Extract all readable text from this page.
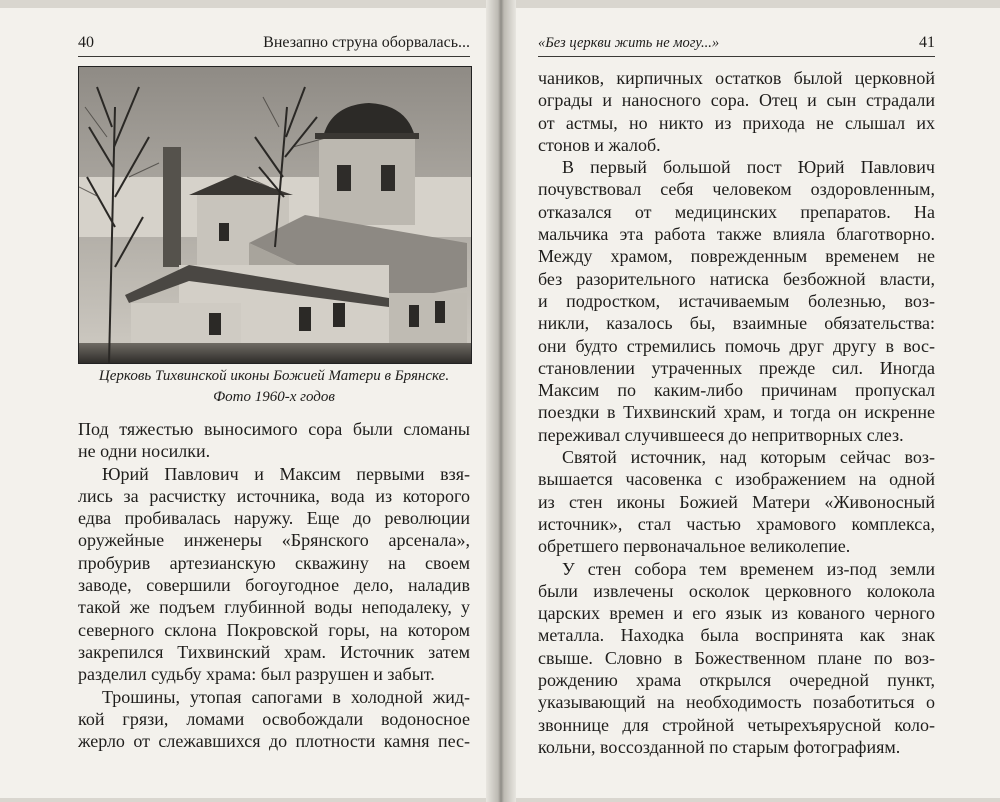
40	Внезапно струна оборвалась...
Церковь Тихвинской иконы Божией Матери в Брянске.
Фото 1960-х годов
Под тяжестью выносимого сора были сломаны
не одни носилки.
Юрий Павлович и Максим первыми взя-
лись за расчистку источника, вода из которого
едва пробивалась наружу. Еще до революции
оружейные инженеры «Брянского арсенала»,
пробурив артезианскую скважину на своем
заводе, совершили богоугодное дело, наладив
такой же подъем глубинной воды неподалеку, у
северного склона Покровской горы, на котором
закрепился Тихвинский храм. Источник затем
разделил судьбу храма: был разрушен и забыт.
Трошины, утопая сапогами в холодной жид-
кой грязи, ломами освобождали водоносное
жерло от слежавшихся до плотности камня пес-
«Без церкви жить не могу...»	41
чаников, кирпичных остатков былой церковной
ограды и наносного сора. Отец и сын страдали
от астмы, но никто из прихода не слышал их
стонов и жалоб.
В первый большой пост Юрий Павлович
почувствовал себя человеком оздоровленным,
отказался от медицинских препаратов. На
мальчика эта работа также влияла благотворно.
Между храмом, поврежденным временем не
без разорительного натиска безбожной власти,
и подростком, истачиваемым болезнью, воз-
никли, казалось бы, взаимные обязательства:
они будто стремились помочь друг другу в вос-
становлении утраченных прежде сил. Иногда
Максим по каким-либо причинам пропускал
поездки в Тихвинский храм, и тогда он искренне
переживал случившееся до непритворных слез.
Святой источник, над которым сейчас воз-
вышается часовенка с изображением на одной
из стен иконы Божией Матери «Живоносный
источник», стал частью храмового комплекса,
обретшего первоначальное великолепие.
У стен собора тем временем из-под земли
были извлечены осколок церковного колокола
царских времен и его язык из кованого черного
металла. Находка была воспринята как знак
свыше. Словно в Божественном плане по воз-
рождению храма открылся очередной пункт,
указывающий на необходимость позаботиться о
звоннице для стройной четырехъярусной коло-
кольни, воссозданной по старым фотографиям.
